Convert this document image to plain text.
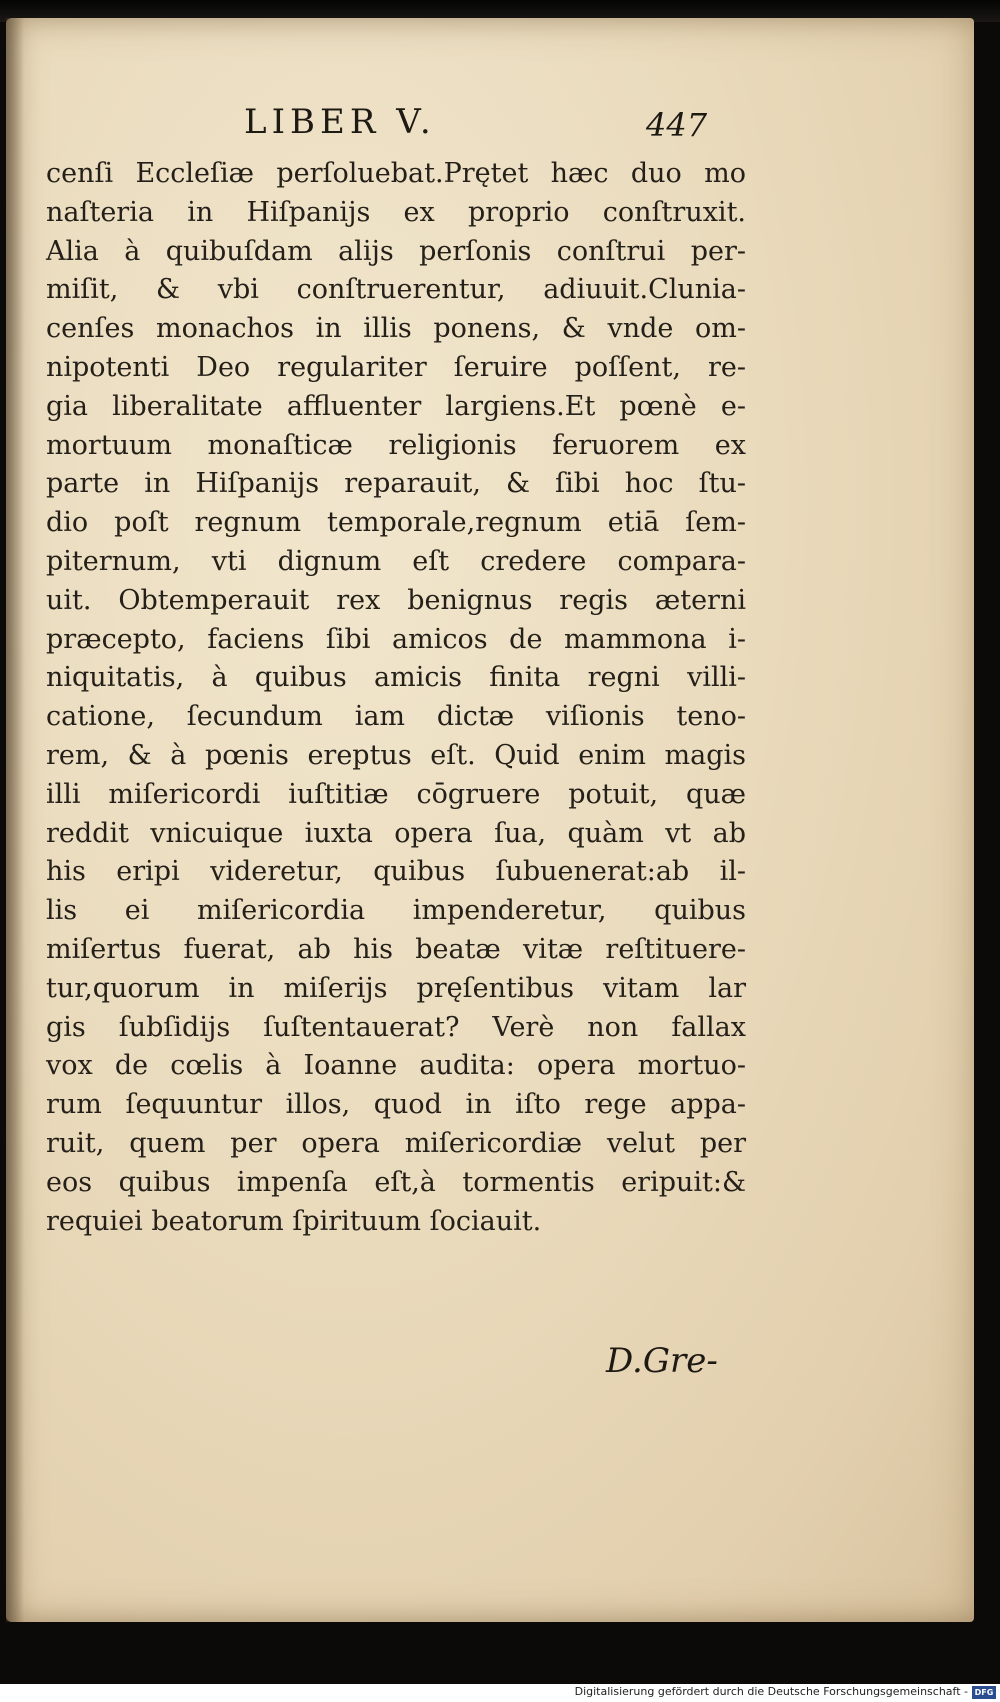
LIBER V.	447
cenſi Eccleſiæ perſoluebat.Prętet hæc duo mo
naſteria in Hiſpanijs ex proprio conſtruxit.
Alia à quibuſdam alijs perſonis conſtrui per-
miſit, & vbi conſtruerentur, adiuuit.Clunia-
cenſes monachos in illis ponens, & vnde om-
nipotenti Deo regulariter ſeruire poſſent, re-
gia liberalitate affluenter largiens.Et pœnè e-
mortuum monaſticæ religionis feruorem ex
parte in Hiſpanijs reparauit, & ſibi hoc ſtu-
dio poſt regnum temporale,regnum etiā ſem-
piternum, vti dignum eſt credere compara-
uit. Obtemperauit rex benignus regis æterni
præcepto, faciens ſibi amicos de mammona i-
niquitatis, à quibus amicis finita regni villi-
catione, ſecundum iam dictæ viſionis teno-
rem, & à pœnis ereptus eſt. Quid enim magis
illi miſericordi iuſtitiæ cōgruere potuit, quæ
reddit vnicuique iuxta opera ſua, quàm vt ab
his eripi videretur, quibus ſubuenerat:ab il-
lis ei miſericordia impenderetur, quibus
miſertus fuerat, ab his beatæ vitæ reſtituere-
tur,quorum in miſerijs pręſentibus vitam lar
gis ſubſidijs ſuſtentauerat? Verè non fallax
vox de cœlis à Ioanne audita: opera mortuo-
rum ſequuntur illos, quod in iſto rege appa-
ruit, quem per opera miſericordiæ velut per
eos quibus impenſa eſt,à tormentis eripuit:&
requiei beatorum ſpirituum ſociauit.
D.Gre-
Digitalisierung gefördert durch die Deutsche Forschungsgemeinschaft - DFG
